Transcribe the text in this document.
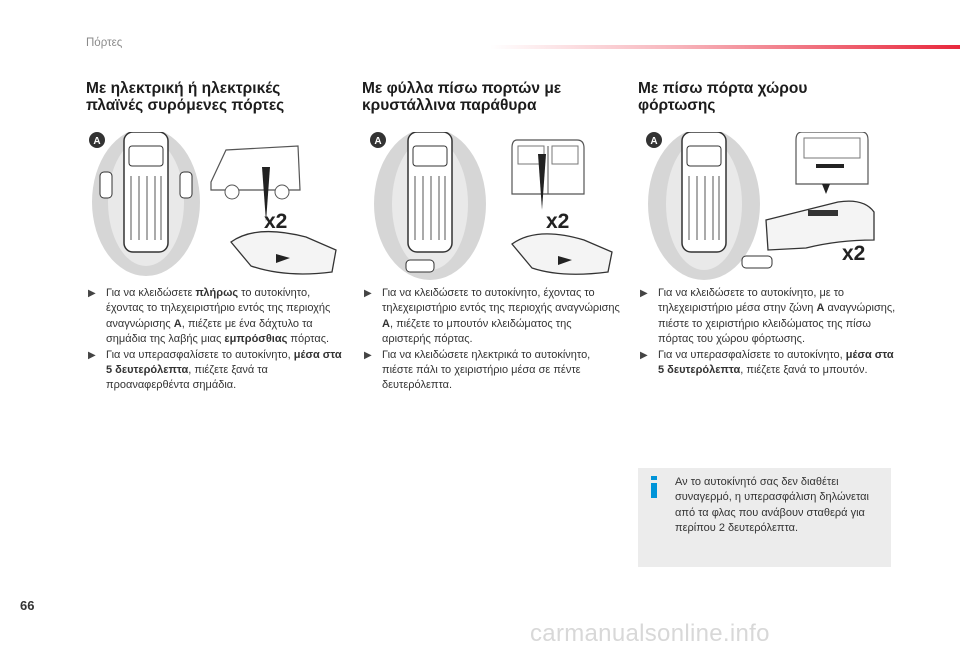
Πόρτες
Με ηλεκτρική ή ηλεκτρικές
πλαϊνές συρόμενες πόρτες
A
x2
▶ Για να κλειδώσετε πλήρως το αυτοκίνητο, έχοντας το τηλεχειριστήριο εντός της περιοχής αναγνώρισης A, πιέζετε με ένα δάχτυλο τα σημάδια της λαβής μιας εμπρόσθιας πόρτας.
▶ Για να υπερασφαλίσετε το αυτοκίνητο, μέσα στα 5 δευτερόλεπτα, πιέζετε ξανά τα προαναφερθέντα σημάδια.
Με φύλλα πίσω πορτών με
κρυστάλλινα παράθυρα
A
x2
▶ Για να κλειδώσετε το αυτοκίνητο, έχοντας το τηλεχειριστήριο εντός της περιοχής αναγνώρισης A, πιέζετε το μπουτόν κλειδώματος της αριστερής πόρτας.
▶ Για να κλειδώσετε ηλεκτρικά το αυτοκίνητο, πιέστε πάλι το χειριστήριο μέσα σε πέντε δευτερόλεπτα.
Με πίσω πόρτα χώρου
φόρτωσης
A
x2
▶ Για να κλειδώσετε το αυτοκίνητο, με το τηλεχειριστήριο μέσα στην ζώνη A αναγνώρισης, πιέστε το χειριστήριο κλειδώματος της πίσω πόρτας του χώρου φόρτωσης.
▶ Για να υπερασφαλίσετε το αυτοκίνητο, μέσα στα 5 δευτερόλεπτα, πιέζετε ξανά το μπουτόν.
Αν το αυτοκίνητό σας δεν διαθέτει συναγερμό, η υπερασφάλιση δηλώνεται από τα φλας που ανάβουν σταθερά για περίπου 2 δευτερόλεπτα.
66
carmanualsonline.info
